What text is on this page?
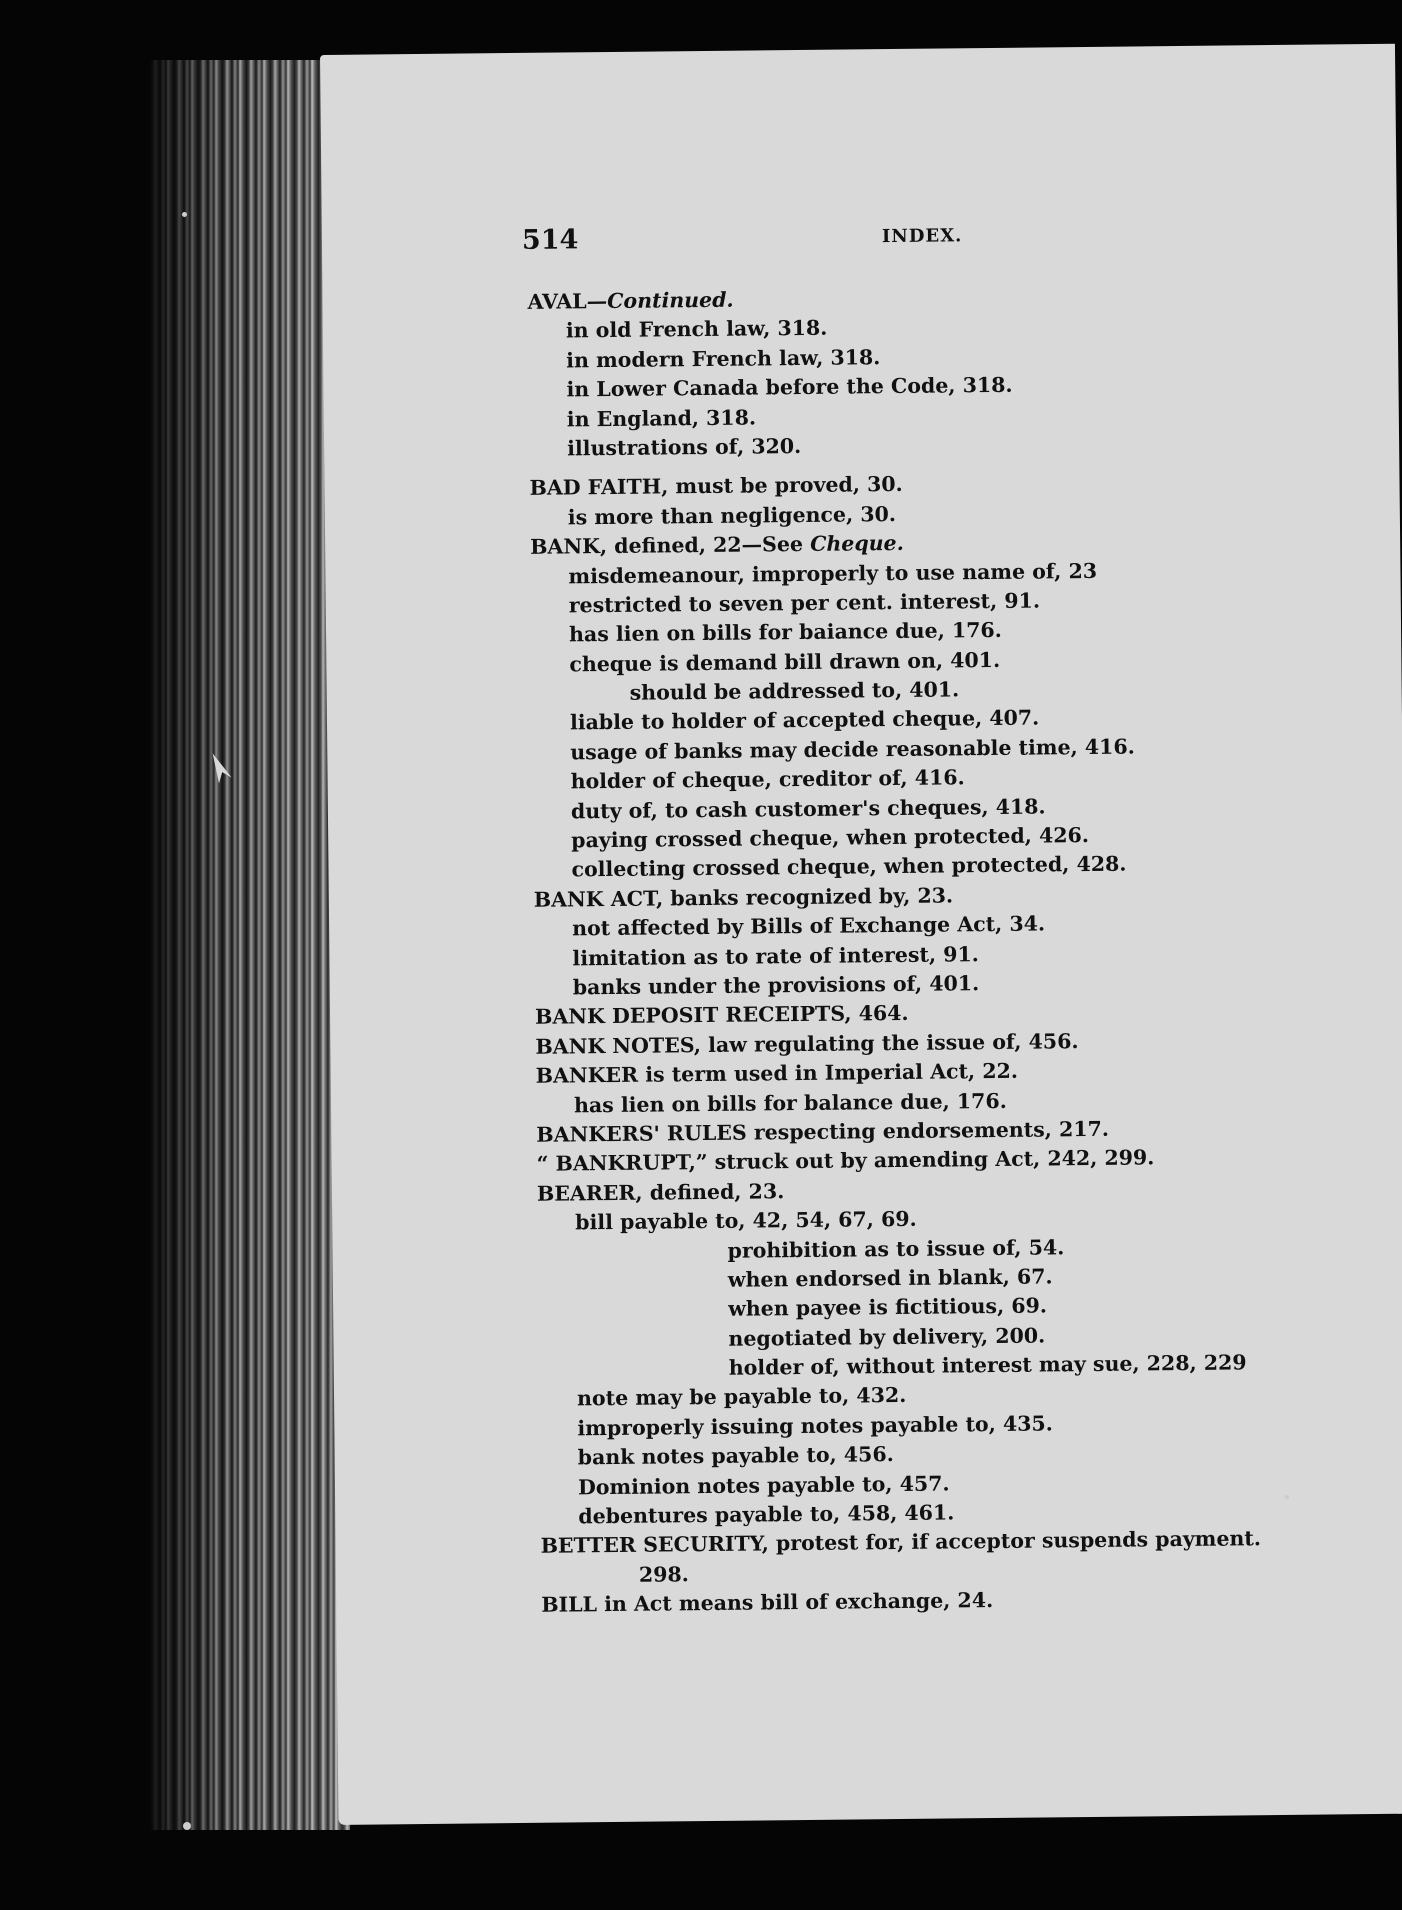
514	INDEX.
AVAL—Continued.
in old French law, 318.
in modern French law, 318.
in Lower Canada before the Code, 318.
in England, 318.
illustrations of, 320.
BAD FAITH, must be proved, 30.
is more than negligence, 30.
BANK, defined, 22—See Cheque.
misdemeanour, improperly to use name of, 23
restricted to seven per cent. interest, 91.
has lien on bills for baiance due, 176.
cheque is demand bill drawn on, 401.
should be addressed to, 401.
liable to holder of accepted cheque, 407.
usage of banks may decide reasonable time, 416.
holder of cheque, creditor of, 416.
duty of, to cash customer's cheques, 418.
paying crossed cheque, when protected, 426.
collecting crossed cheque, when protected, 428.
BANK ACT, banks recognized by, 23.
not affected by Bills of Exchange Act, 34.
limitation as to rate of interest, 91.
banks under the provisions of, 401.
BANK DEPOSIT RECEIPTS, 464.
BANK NOTES, law regulating the issue of, 456.
BANKER is term used in Imperial Act, 22.
has lien on bills for balance due, 176.
BANKERS' RULES respecting endorsements, 217.
“ BANKRUPT,” struck out by amending Act, 242, 299.
BEARER, defined, 23.
bill payable to, 42, 54, 67, 69.
prohibition as to issue of, 54.
when endorsed in blank, 67.
when payee is fictitious, 69.
negotiated by delivery, 200.
holder of, without interest may sue, 228, 229
note may be payable to, 432.
improperly issuing notes payable to, 435.
bank notes payable to, 456.
Dominion notes payable to, 457.
debentures payable to, 458, 461.
BETTER SECURITY, protest for, if acceptor suspends payment.
298.
BILL in Act means bill of exchange, 24.
